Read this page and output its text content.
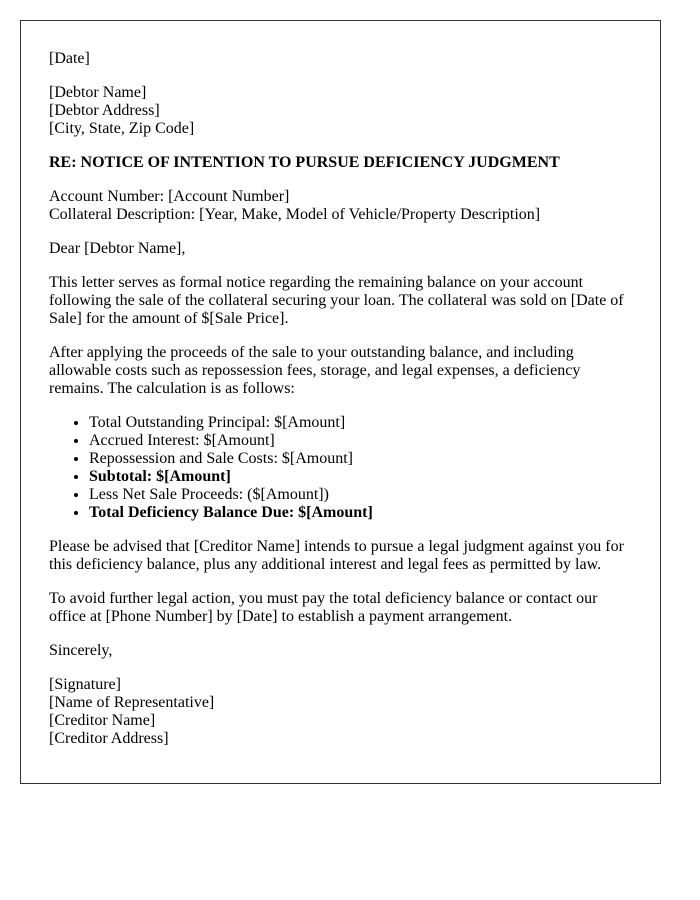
[Date]

[Debtor Name]
[Debtor Address]
[City, State, Zip Code]

RE: NOTICE OF INTENTION TO PURSUE DEFICIENCY JUDGMENT

Account Number: [Account Number]
Collateral Description: [Year, Make, Model of Vehicle/Property Description]

Dear [Debtor Name],

This letter serves as formal notice regarding the remaining balance on your account following the sale of the collateral securing your loan. The collateral was sold on [Date of Sale] for the amount of $[Sale Price].

After applying the proceeds of the sale to your outstanding balance, and including allowable costs such as repossession fees, storage, and legal expenses, a deficiency remains. The calculation is as follows:

• Total Outstanding Principal: $[Amount]
• Accrued Interest: $[Amount]
• Repossession and Sale Costs: $[Amount]
• Subtotal: $[Amount]
• Less Net Sale Proceeds: ($[Amount])
• Total Deficiency Balance Due: $[Amount]

Please be advised that [Creditor Name] intends to pursue a legal judgment against you for this deficiency balance, plus any additional interest and legal fees as permitted by law.

To avoid further legal action, you must pay the total deficiency balance or contact our office at [Phone Number] by [Date] to establish a payment arrangement.

Sincerely,

[Signature]
[Name of Representative]
[Creditor Name]
[Creditor Address]
